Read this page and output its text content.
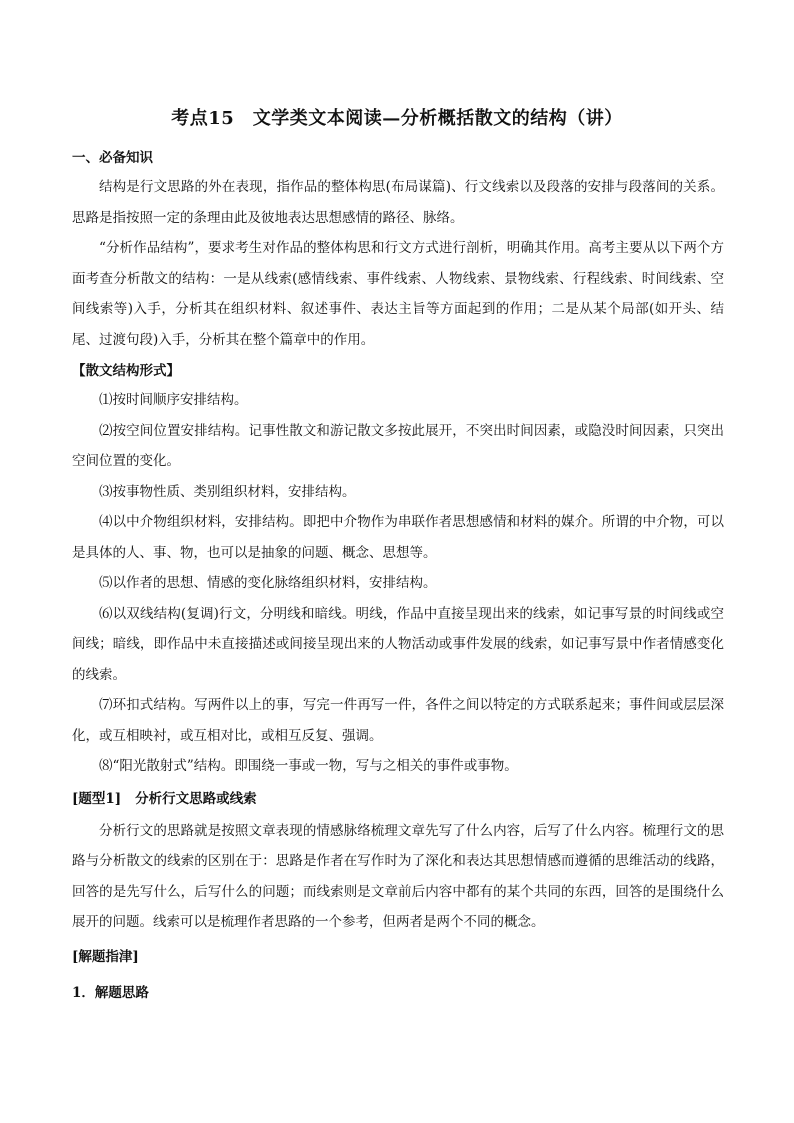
考点15　文学类文本阅读—分析概括散文的结构（讲）

一、必备知识

结构是行文思路的外在表现，指作品的整体构思(布局谋篇)、行文线索以及段落的安排与段落间的关系。思路是指按照一定的条理由此及彼地表达思想感情的路径、脉络。

“分析作品结构”，要求考生对作品的整体构思和行文方式进行剖析，明确其作用。高考主要从以下两个方面考查分析散文的结构：一是从线索(感情线索、事件线索、人物线索、景物线索、行程线索、时间线索、空间线索等)入手，分析其在组织材料、叙述事件、表达主旨等方面起到的作用；二是从某个局部(如开头、结尾、过渡句段)入手，分析其在整个篇章中的作用。

【散文结构形式】

⑴按时间顺序安排结构。

⑵按空间位置安排结构。记事性散文和游记散文多按此展开，不突出时间因素，或隐没时间因素，只突出空间位置的变化。

⑶按事物性质、类别组织材料，安排结构。

⑷以中介物组织材料，安排结构。即把中介物作为串联作者思想感情和材料的媒介。所谓的中介物，可以是具体的人、事、物，也可以是抽象的问题、概念、思想等。

⑸以作者的思想、情感的变化脉络组织材料，安排结构。

⑹以双线结构(复调)行文，分明线和暗线。明线，作品中直接呈现出来的线索，如记事写景的时间线或空间线；暗线，即作品中未直接描述或间接呈现出来的人物活动或事件发展的线索，如记事写景中作者情感变化的线索。

⑺环扣式结构。写两件以上的事，写完一件再写一件，各件之间以特定的方式联系起来；事件间或层层深化，或互相映衬，或互相对比，或相互反复、强调。

⑻“阳光散射式”结构。即围绕一事或一物，写与之相关的事件或事物。

[题型1] 分析行文思路或线索

分析行文的思路就是按照文章表现的情感脉络梳理文章先写了什么内容，后写了什么内容。梳理行文的思路与分析散文的线索的区别在于：思路是作者在写作时为了深化和表达其思想情感而遵循的思维活动的线路，回答的是先写什么，后写什么的问题；而线索则是文章前后内容中都有的某个共同的东西，回答的是围绕什么展开的问题。线索可以是梳理作者思路的一个参考，但两者是两个不同的概念。

[解题指津]

1．解题思路
